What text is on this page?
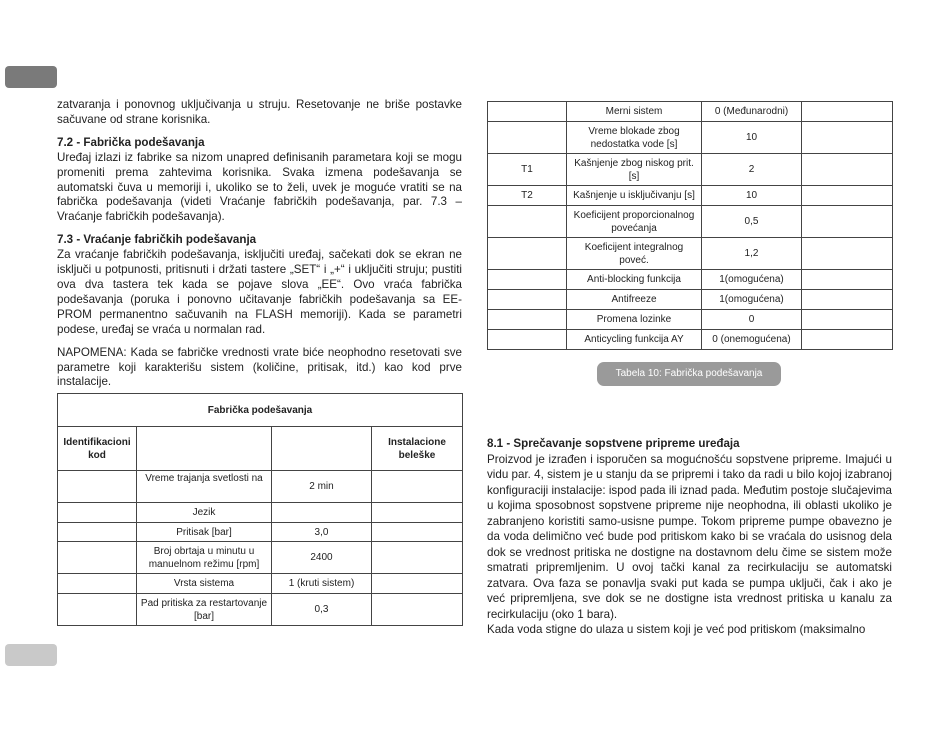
zatvaranja i ponovnog uključivanja u struju. Resetovanje ne briše postavke sačuvane od strane korisnika.

7.2 - Fabrička podešavanja

Uređaj izlazi iz fabrike sa nizom unapred definisanih parametara koji se mogu promeniti prema zahtevima korisnika. Svaka izmena podešavanja se automatski čuva u memoriji i, ukoliko se to želi, uvek je moguće vratiti se na fabrička podešavanja (videti Vraćanje fabričkih podešavanja, par. 7.3 – Vraćanje fabričkih podešavanja).

7.3 - Vraćanje fabričkih podešavanja

Za vraćanje fabričkih podešavanja, isključiti uređaj, sačekati dok se ekran ne isključi u potpunosti, pritisnuti i držati tastere „SET“ i „+“ i uključiti struju; pustiti ova dva tastera tek kada se pojave slova „EE“. Ovo vraća fabrička podešavanja (poruka i ponovno učitavanje fabričkih podešavanja sa EE-PROM permanentno sačuvanih na FLASH memoriji). Kada se parametri podese, uređaj se vraća u normalan rad.

NAPOMENA: Kada se fabričke vrednosti vrate biće neophodno resetovati sve parametre koji karakterišu sistem (količine, pritisak, itd.) kao kod prve instalacije.

Fabrička podešavanja			
Identifikacioni kod			Instalacione beleške
	Vreme trajanja svetlosti na	2 min	
	Jezik		
	Pritisak [bar]	3,0	
	Broj obrtaja u minutu u manuelnom režimu [rpm]	2400	
	Vrsta sistema	1 (kruti sistem)	
	Pad pritiska za restartovanje [bar]	0,3	
	Merni sistem	0 (Međunarodni)	
	Vreme blokade zbog nedostatka vode [s]	10	
T1	Kašnjenje zbog niskog prit. [s]	2	
T2	Kašnjenje u isključivanju [s]	10	
	Koeficijent proporcionalnog povećanja	0,5	
	Koeficijent integralnog poveć.	1,2	
	Anti-blocking funkcija	1(omogućena)	
	Antifreeze	1(omogućena)	
	Promena lozinke	0	
	Anticycling funkcija AY	0 (onemogućena)	
Tabela 10: Fabrička podešavanja

8.1 - Sprečavanje sopstvene pripreme uređaja

Proizvod je izrađen i isporučen sa mogućnošću sopstvene pripreme. Imajući u vidu par. 4, sistem je u stanju da se pripremi i tako da radi u bilo kojoj izabranoj konfiguraciji instalacije: ispod pada ili iznad pada. Međutim postoje slučajevima u kojima sposobnost sopstvene pripreme nije neophodna, ili oblasti ukoliko je zabranjeno koristiti samo-usisne pumpe. Tokom pripreme pumpe obavezno je da voda delimično već bude pod pritiskom kako bi se vraćala do usisnog dela dok se vrednost pritiska ne dostigne na dostavnom delu čime se sistem može smatrati pripremljenim. U ovoj tački kanal za recirkulaciju se automatski zatvara. Ova faza se ponavlja svaki put kada se pumpa uključi, čak i ako je već pripremljena, sve dok se ne dostigne ista vrednost pritiska u kanalu za recirkulaciju (oko 1 bara).

Kada voda stigne do ulaza u sistem koji je već pod pritiskom (maksimalno
